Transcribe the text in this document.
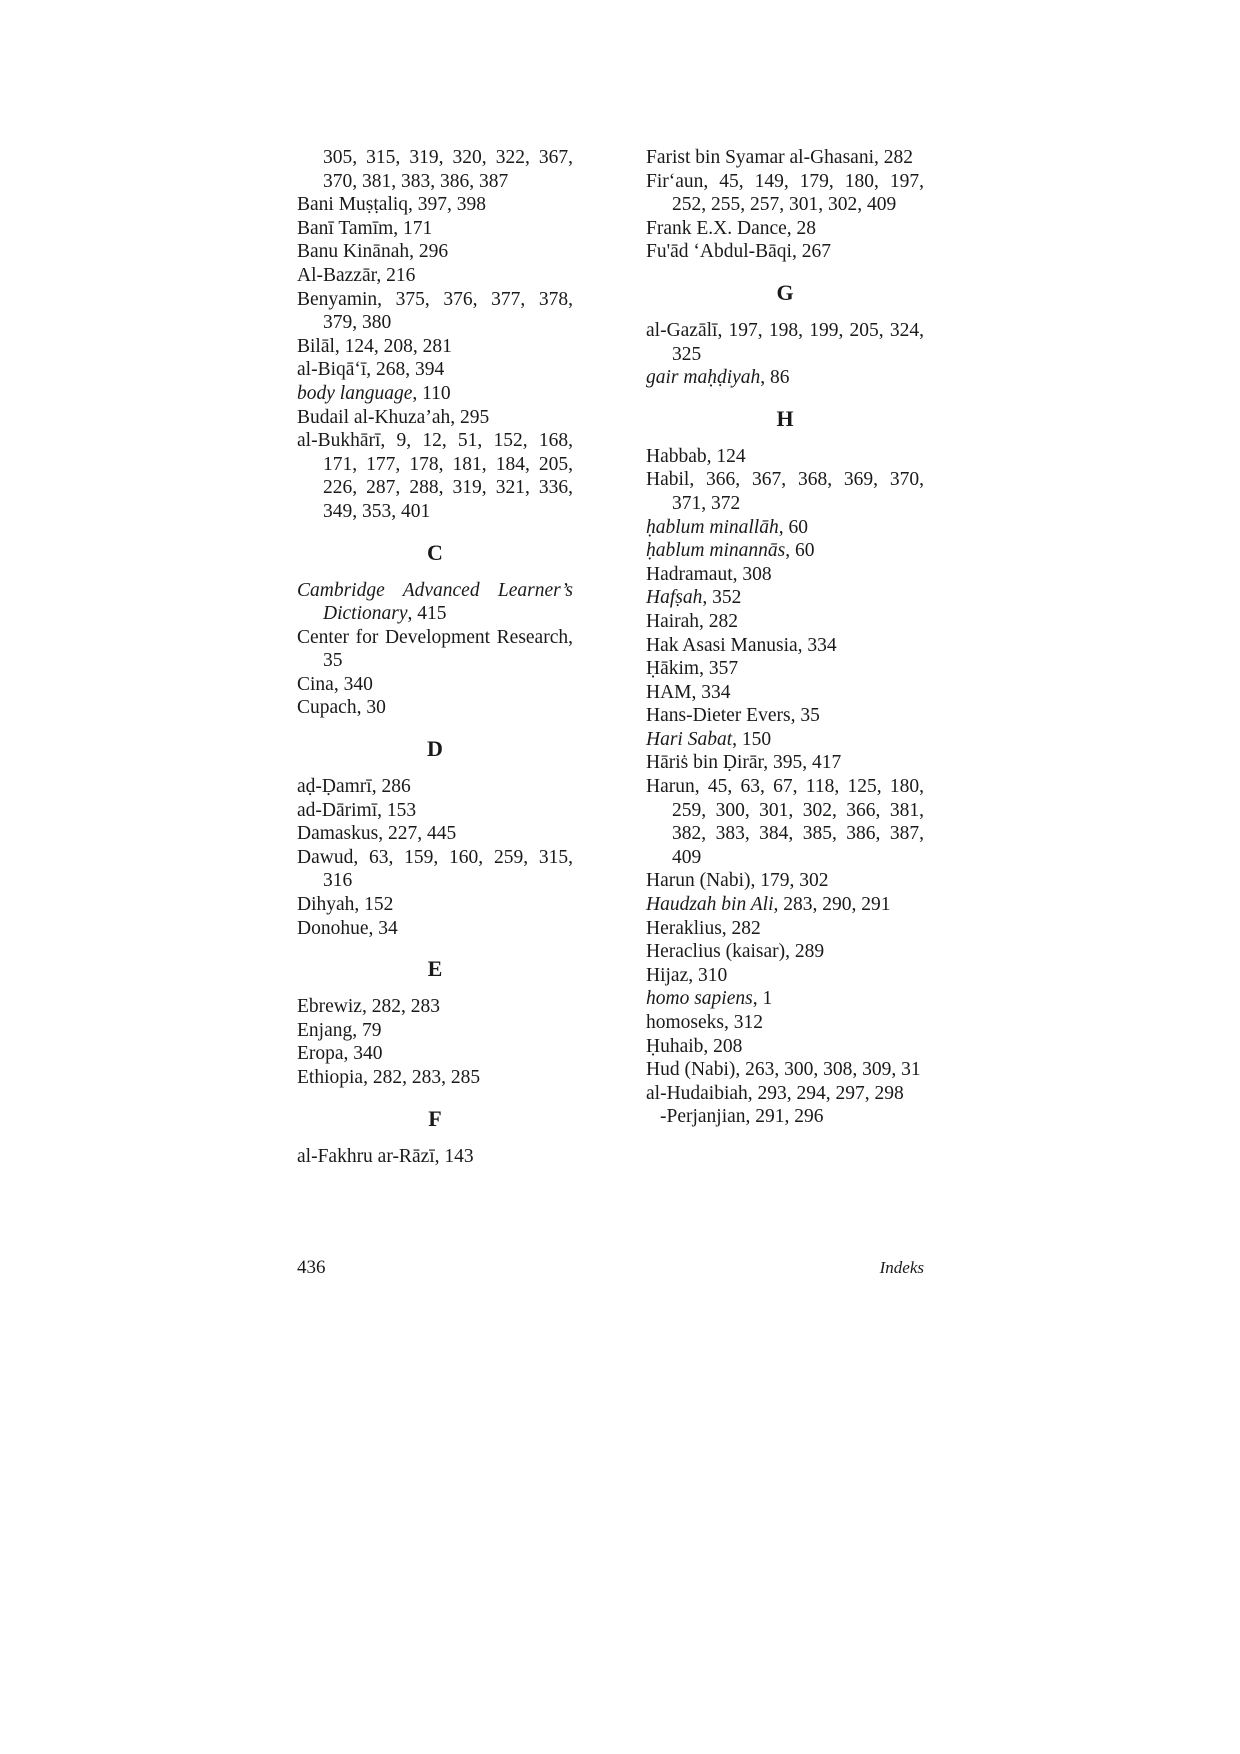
305, 315, 319, 320, 322, 367, 370, 381, 383, 386, 387
Bani Muṣṭaliq, 397, 398
Banī Tamīm, 171
Banu Kinānah, 296
Al-Bazzār, 216
Benyamin, 375, 376, 377, 378, 379, 380
Bilāl, 124, 208, 281
al-Biqā‘ī, 268, 394
body language, 110
Budail al-Khuza’ah, 295
al-Bukhārī, 9, 12, 51, 152, 168, 171, 177, 178, 181, 184, 205, 226, 287, 288, 319, 321, 336, 349, 353, 401
C
Cambridge Advanced Learner’s Dictionary, 415
Center for Development Research, 35
Cina, 340
Cupach, 30
D
aḍ-Ḍamrī, 286
ad-Dārimī, 153
Damaskus, 227, 445
Dawud, 63, 159, 160, 259, 315, 316
Dihyah, 152
Donohue, 34
E
Ebrewiz, 282, 283
Enjang, 79
Eropa, 340
Ethiopia, 282, 283, 285
F
al-Fakhru ar-Rāzī, 143
Farist bin Syamar al-Ghasani, 282
Fir‘aun, 45, 149, 179, 180, 197, 252, 255, 257, 301, 302, 409
Frank E.X. Dance, 28
Fu'ād ‘Abdul-Bāqi, 267
G
al-Gazālī, 197, 198, 199, 205, 324, 325
gair maḥḍiyah, 86
H
Habbab, 124
Habil, 366, 367, 368, 369, 370, 371, 372
ḥablum minallāh, 60
ḥablum minannās, 60
Hadramaut, 308
Hafṣah, 352
Hairah, 282
Hak Asasi Manusia, 334
Ḥākim, 357
HAM, 334
Hans-Dieter Evers, 35
Hari Sabat, 150
Hāriṡ bin Ḍirār, 395, 417
Harun, 45, 63, 67, 118, 125, 180, 259, 300, 301, 302, 366, 381, 382, 383, 384, 385, 386, 387, 409
Harun (Nabi), 179, 302
Haudzah bin Ali, 283, 290, 291
Heraklius, 282
Heraclius (kaisar), 289
Hijaz, 310
homo sapiens, 1
homoseks, 312
Ḥuhaib, 208
Hud (Nabi), 263, 300, 308, 309, 31
al-Hudaibiah, 293, 294, 297, 298
-Perjanjian, 291, 296
436	Indeks
